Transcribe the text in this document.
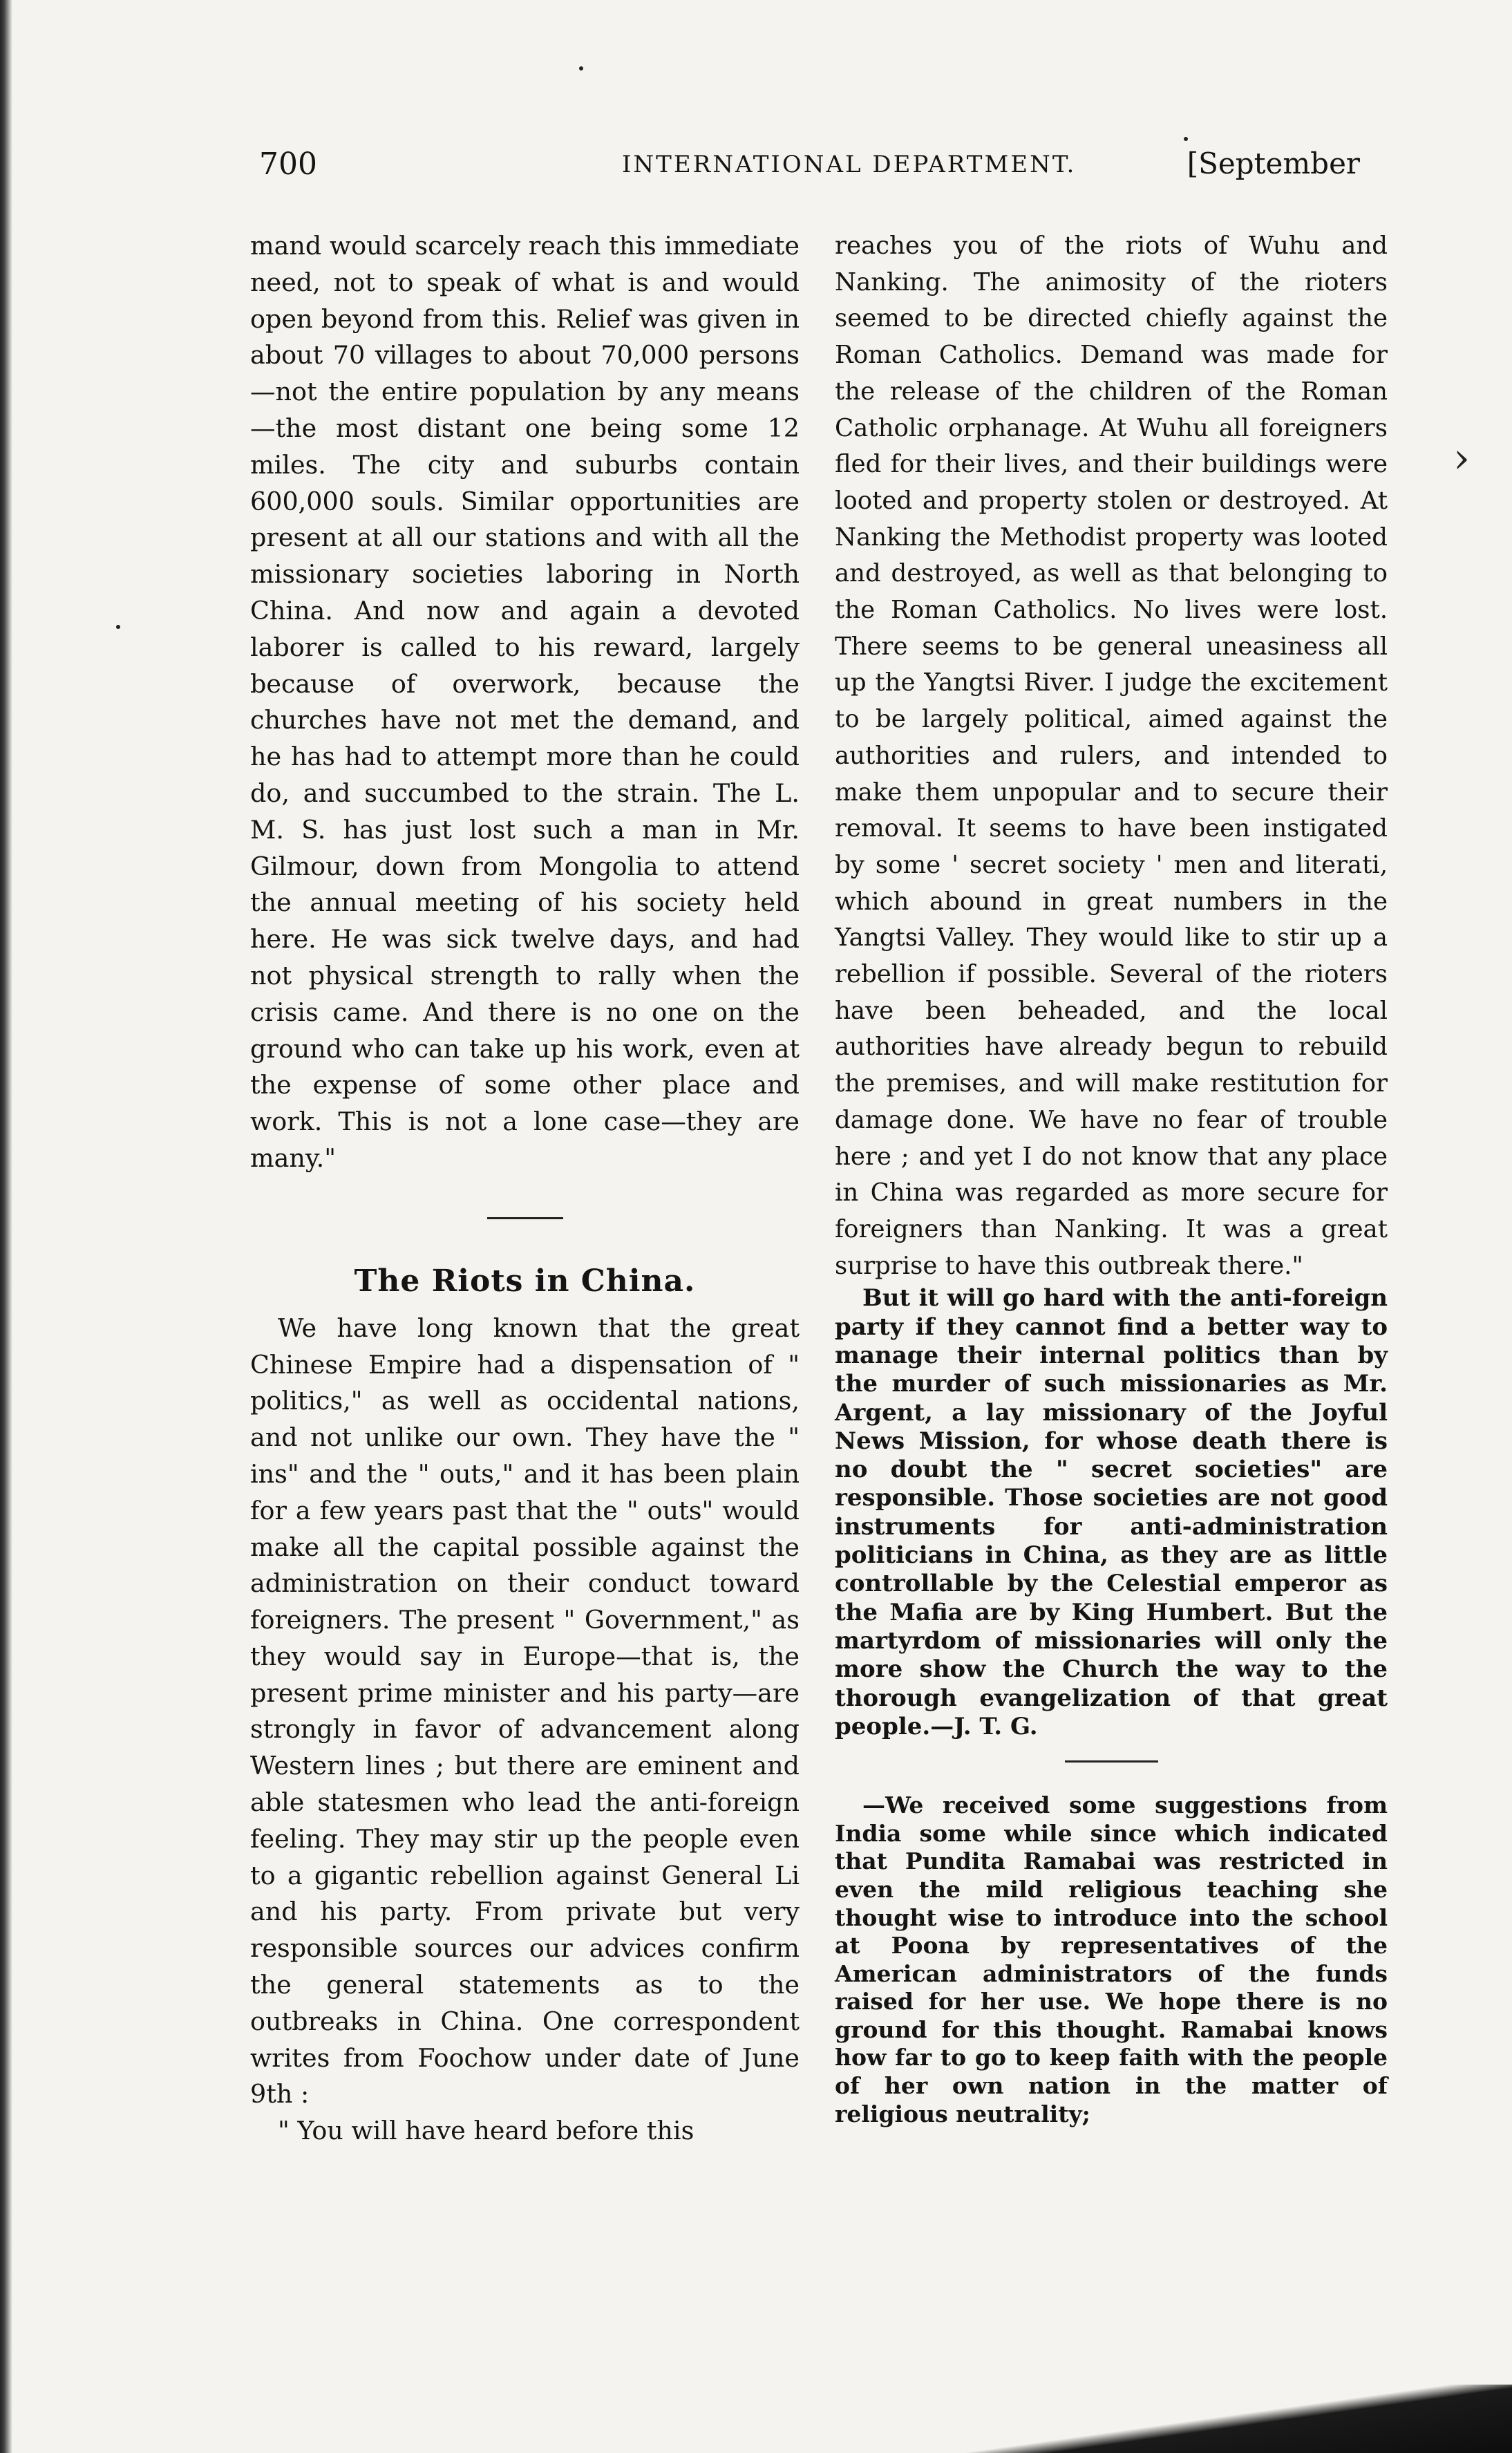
700	INTERNATIONAL DEPARTMENT.	[September

mand would scarcely reach this immediate need, not to speak of what is and would open beyond from this. Relief was given in about 70 villages to about 70,000 persons—not the entire population by any means—the most distant one being some 12 miles. The city and suburbs contain 600,000 souls. Similar opportunities are present at all our stations and with all the missionary societies laboring in North China. And now and again a devoted laborer is called to his reward, largely because of overwork, because the churches have not met the demand, and he has had to attempt more than he could do, and succumbed to the strain. The L. M. S. has just lost such a man in Mr. Gilmour, down from Mongolia to attend the annual meeting of his society held here. He was sick twelve days, and had not physical strength to rally when the crisis came. And there is no one on the ground who can take up his work, even at the expense of some other place and work. This is not a lone case—they are many."

The Riots in China.

We have long known that the great Chinese Empire had a dispensation of " politics," as well as occidental nations, and not unlike our own. They have the " ins" and the " outs," and it has been plain for a few years past that the " outs" would make all the capital possible against the administration on their conduct toward foreigners. The present " Government," as they would say in Europe—that is, the present prime minister and his party—are strongly in favor of advancement along Western lines ; but there are eminent and able statesmen who lead the anti-foreign feeling. They may stir up the people even to a gigantic rebellion against General Li and his party. From private but very responsible sources our advices confirm the general statements as to the outbreaks in China. One correspondent writes from Foochow under date of June 9th :

" You will have heard before this

reaches you of the riots of Wuhu and Nanking. The animosity of the rioters seemed to be directed chiefly against the Roman Catholics. Demand was made for the release of the children of the Roman Catholic orphanage. At Wuhu all foreigners fled for their lives, and their buildings were looted and property stolen or destroyed. At Nanking the Methodist property was looted and destroyed, as well as that belonging to the Roman Catholics. No lives were lost. There seems to be general uneasiness all up the Yangtsi River. I judge the excitement to be largely political, aimed against the authorities and rulers, and intended to make them unpopular and to secure their removal. It seems to have been instigated by some ' secret society ' men and literati, which abound in great numbers in the Yangtsi Valley. They would like to stir up a rebellion if possible. Several of the rioters have been beheaded, and the local authorities have already begun to rebuild the premises, and will make restitution for damage done. We have no fear of trouble here ; and yet I do not know that any place in China was regarded as more secure for foreigners than Nanking. It was a great surprise to have this outbreak there."

But it will go hard with the anti-foreign party if they cannot find a better way to manage their internal politics than by the murder of such missionaries as Mr. Argent, a lay missionary of the Joyful News Mission, for whose death there is no doubt the " secret societies" are responsible. Those societies are not good instruments for anti-administration politicians in China, as they are as little controllable by the Celestial emperor as the Mafia are by King Humbert. But the martyrdom of missionaries will only the more show the Church the way to the thorough evangelization of that great people.—J. T. G.

—We received some suggestions from India some while since which indicated that Pundita Ramabai was restricted in even the mild religious teaching she thought wise to introduce into the school at Poona by representatives of the American administrators of the funds raised for her use. We hope there is no ground for this thought. Ramabai knows how far to go to keep faith with the people of her own nation in the matter of religious neutrality;

›
